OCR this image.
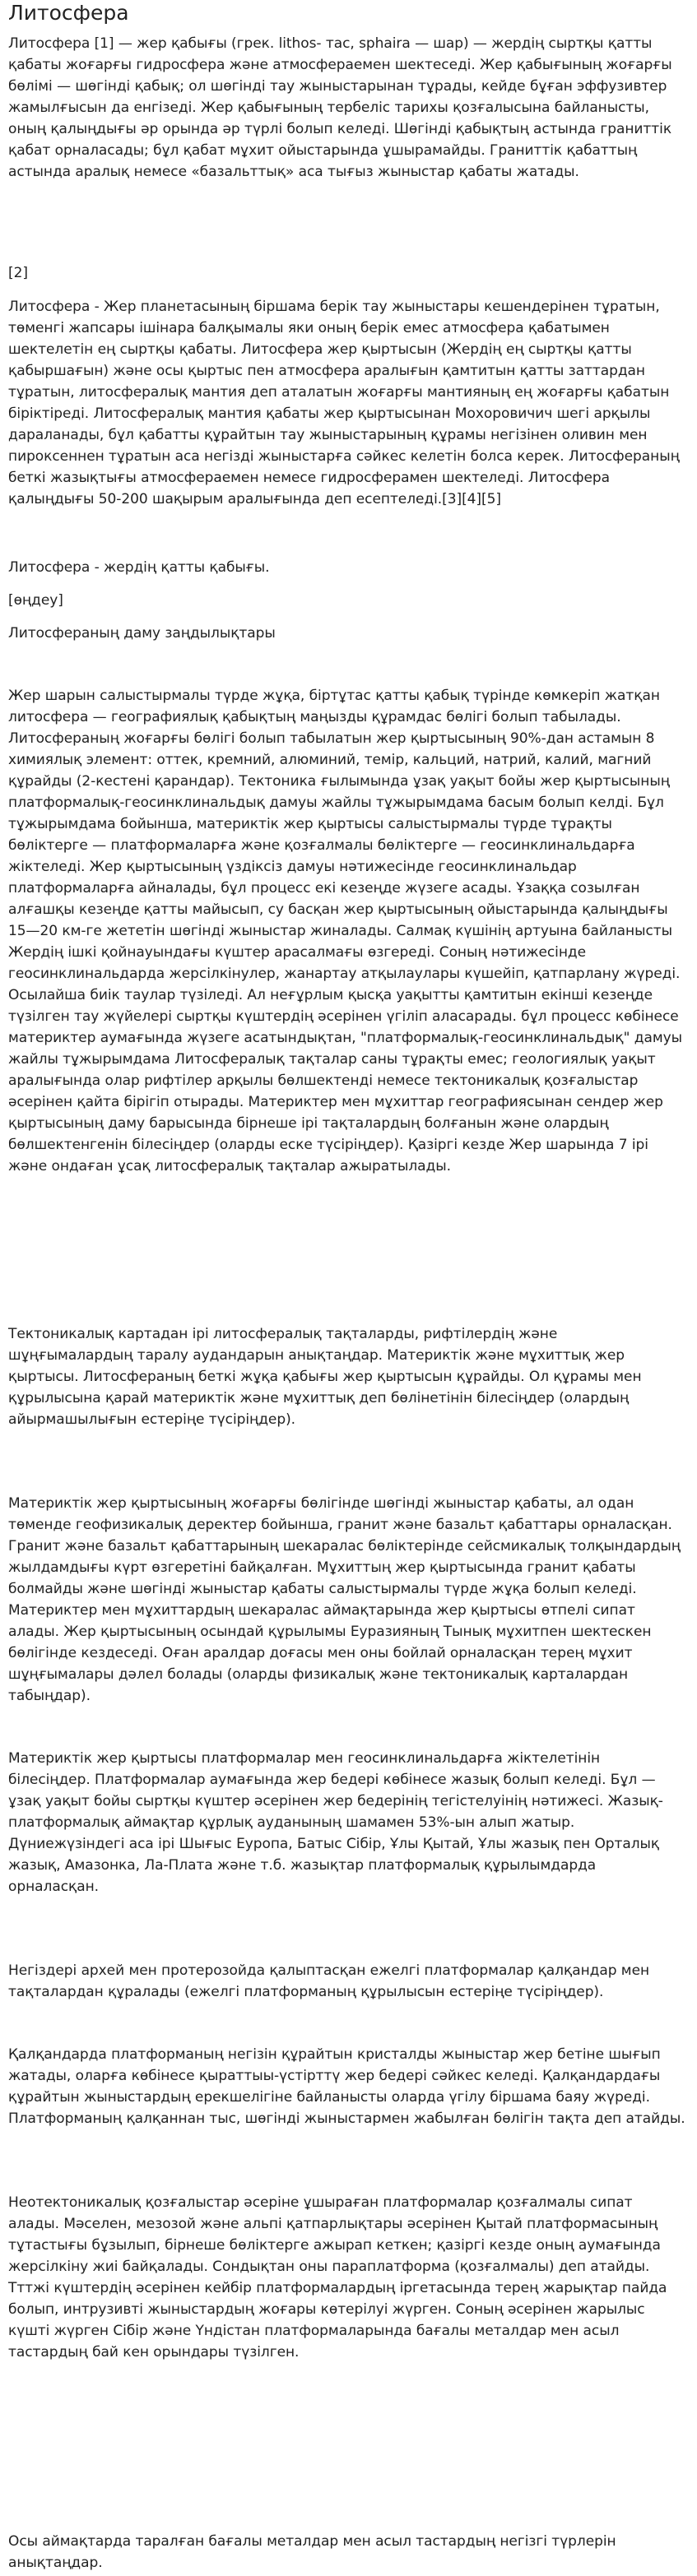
Литосфера

Литосфера [1] — жер қабығы (грек. lithos- тас, sphaira — шар) — жердің сыртқы қатты қабаты жоғарғы гидросфера және атмосфераемен шектеседі. Жер қабығының жоғарғы бөлімі — шөгінді қабық; ол шөгінді тау жыныстарынан тұрады, кейде бұған эффузивтер жамылғысын да енгізеді. Жер қабығының тербеліс тарихы қозғалысына байланысты, оның қалыңдығы әр орында әр түрлі болып келеді. Шөгінді қабықтың астында граниттік қабат орналасады; бұл қабат мұхит ойыстарында ұшырамайды. Граниттік қабаттың астында аралық немесе «базальттық» аса тығыз жыныстар қабаты жатады.

[2]

Литосфера - Жер планетасының біршама берік тау жыныстары кешендерінен тұратын, төменгі жапсары ішінара балқымалы яки оның берік емес атмосфера қабатымен шектелетін ең сыртқы қабаты. Литосфера жер қыртысын (Жердің ең сыртқы қатты қабыршағын) және осы қыртыс пен атмосфера аралығын қамтитын қатты заттардан тұратын, литосфералық мантия деп аталатын жоғарғы мантияның ең жоғарғы қабатын біріктіреді. Литосфералық мантия қабаты жер қыртысынан Мохоровичич шегі арқылы дараланады, бұл қабатты құрайтын тау жыныстарының құрамы негізінен оливин мен пироксеннен тұратын аса негізді жыныстарға сәйкес келетін болса керек. Литосфераның беткі жазықтығы атмосфераемен немесе гидросферамен шектеледі. Литосфера қалыңдығы 50-200 шақырым аралығында деп есептеледі.[3][4][5]

Литосфера - жердің қатты қабығы.

[өңдеу]

Литосфераның даму заңдылықтары

Жер шарын салыстырмалы түрде жұқа, біртұтас қатты қабық түрінде көмкеріп жатқан литосфера — географиялық қабықтың маңызды құрамдас бөлігі болып табылады. Литосфераның жоғарғы бөлігі болып табылатын жер қыртысының 90%-дан астамын 8 химиялық элемент: оттек, кремний, алюминий, темір, кальций, натрий, калий, магний құрайды (2-кестені қарандар). Тектоника ғылымында ұзақ уақыт бойы жер қыртысының платформалық-геосинклинальдық дамуы жайлы тұжырымдама басым болып келді. Бұл тұжырымдама бойынша, материктік жер қыртысы салыстырмалы түрде тұрақты бөліктерге — платформаларға және қозғалмалы бөліктерге — геосинклинальдарға жіктеледі. Жер қыртысының үздіксіз дамуы нәтижесінде геосинклинальдар платформаларға айналады, бұл процесс екі кезеңде жүзеге асады. Ұзаққа созылған алғашқы кезеңде қатты майысып, су басқан жер қыртысының ойыстарында қалыңдығы 15—20 км-ге жететін шөгінді жыныстар жиналады. Салмақ күшінің артуына байланысты Жердің ішкі қойнауындағы күштер арасалмағы өзгереді. Соның нәтижесінде геосинклинальдарда жерсілкінулер, жанартау атқылаулары күшейіп, қатпарлану жүреді. Осылайша биік таулар түзіледі. Ал неғұрлым қысқа уақытты қамтитын екінші кезеңде түзілген тау жүйелері сыртқы күштердің әсерінен үгіліп аласарады. бұл процесс көбінесе материктер аумағында жүзеге асатындықтан, "платформалық-геосинклинальдық" дамуы жайлы тұжырымдама Литосфералық тақталар саны тұрақты емес; геологиялық уақыт аралығында олар рифтілер арқылы бөлшектенді немесе тектоникалық қозғалыстар әсерінен қайта бірігіп отырады. Материктер мен мұхиттар географиясынан сендер жер қыртысының даму барысында бірнеше ірі тақталардың болғанын және олардың бөлшектенгенін білесіңдер (оларды еске түсіріңдер). Қазіргі кезде Жер шарында 7 ірі және ондаған ұсақ литосфералық тақталар ажыратылады.

Тектоникалық картадан ірі литосфералық тақталарды, рифтілердің және шұңғымалардың таралу аудандарын анықтаңдар. Материктік және мұхиттық жер қыртысы. Литосфераның беткі жұқа қабығы жер қыртысын құрайды. Ол құрамы мен құрылысына қарай материктік және мұхиттық деп бөлінетінін білесіңдер (олардың айырмашылығын естеріңе түсіріңдер).

Материктік жер қыртысының жоғарғы бөлігінде шөгінді жыныстар қабаты, ал одан төменде геофизикалық деректер бойынша, гранит және базальт қабаттары орналасқан. Гранит және базальт қабаттарының шекаралас бөліктерінде сейсмикалық толқындардың жылдамдығы күрт өзгеретіні байқалған. Мұхиттың жер қыртысында гранит қабаты болмайды және шөгінді жыныстар қабаты салыстырмалы түрде жұқа болып келеді. Материктер мен мұхиттардың шекаралас аймақтарында жер қыртысы өтпелі сипат алады. Жер қыртысының осындай құрылымы Еуразияның Тынық мұхитпен шектескен бөлігінде кездеседі. Оған аралдар доғасы мен оны бойлай орналасқан терең мұхит шұңғымалары дәлел болады (оларды физикалық және тектоникалық карталардан табыңдар).

Материктік жер қыртысы платформалар мен геосинклинальдарға жіктелетінін білесіңдер. Платформалар аумағында жер бедері көбінесе жазық болып келеді. Бұл — ұзақ уақыт бойы сыртқы күштер әсерінен жер бедерінің тегістелуінің нәтижесі. Жазық-платформалық аймақтар құрлық ауданының шамамен 53%-ын алып жатыр. Дүниежүзіндегі аса ірі Шығыс Еуропа, Батыс Сібір, Ұлы Қытай, Ұлы жазық пен Орталық жазық, Амазонка, Ла-Плата және т.б. жазықтар платформалық құрылымдарда орналасқан.

Негіздері архей мен протерозойда қалыптасқан ежелгі платформалар қалқандар мен тақталардан құралады (ежелгі платформаның құрылысын естеріңе түсіріңдер).

Қалқандарда платформаның негізін құрайтын кристалды жыныстар жер бетіне шығып жатады, оларға көбінесе қыраттыы-үстірттү жер бедері сәйкес келеді. Қалқандардағы құрайтын жыныстардың ерекшелігіне байланысты оларда үгілу біршама баяу жүреді. Платформаның қалқаннан тыс, шөгінді жыныстармен жабылған бөлігін тақта деп атайды.

Неотектоникалық қозғалыстар әсеріне ұшыраған платформалар қозғалмалы сипат алады. Мәселен, мезозой және альпі қатпарлықтары әсерінен Қытай платформасының тұтастығы бұзылып, бірнеше бөліктерге ажырап кеткен; қазіргі кезде оның аумағында жерсілкіну жиі байқалады. Сондықтан оны параплатформа (қозғалмалы) деп атайды. Тттжі күштердің әсерінен кейбір платформалардың іргетасында терең жарықтар пайда болып, интрузивті жыныстардың жоғары көтерілуі жүрген. Соның әсерінен жарылыс күшті жүрген Сібір және Үндістан платформаларында бағалы металдар мен асыл тастардың бай кен орындары түзілген.

Осы аймақтарда таралған бағалы металдар мен асыл тастардың негізгі түрлерін анықтаңдар.
